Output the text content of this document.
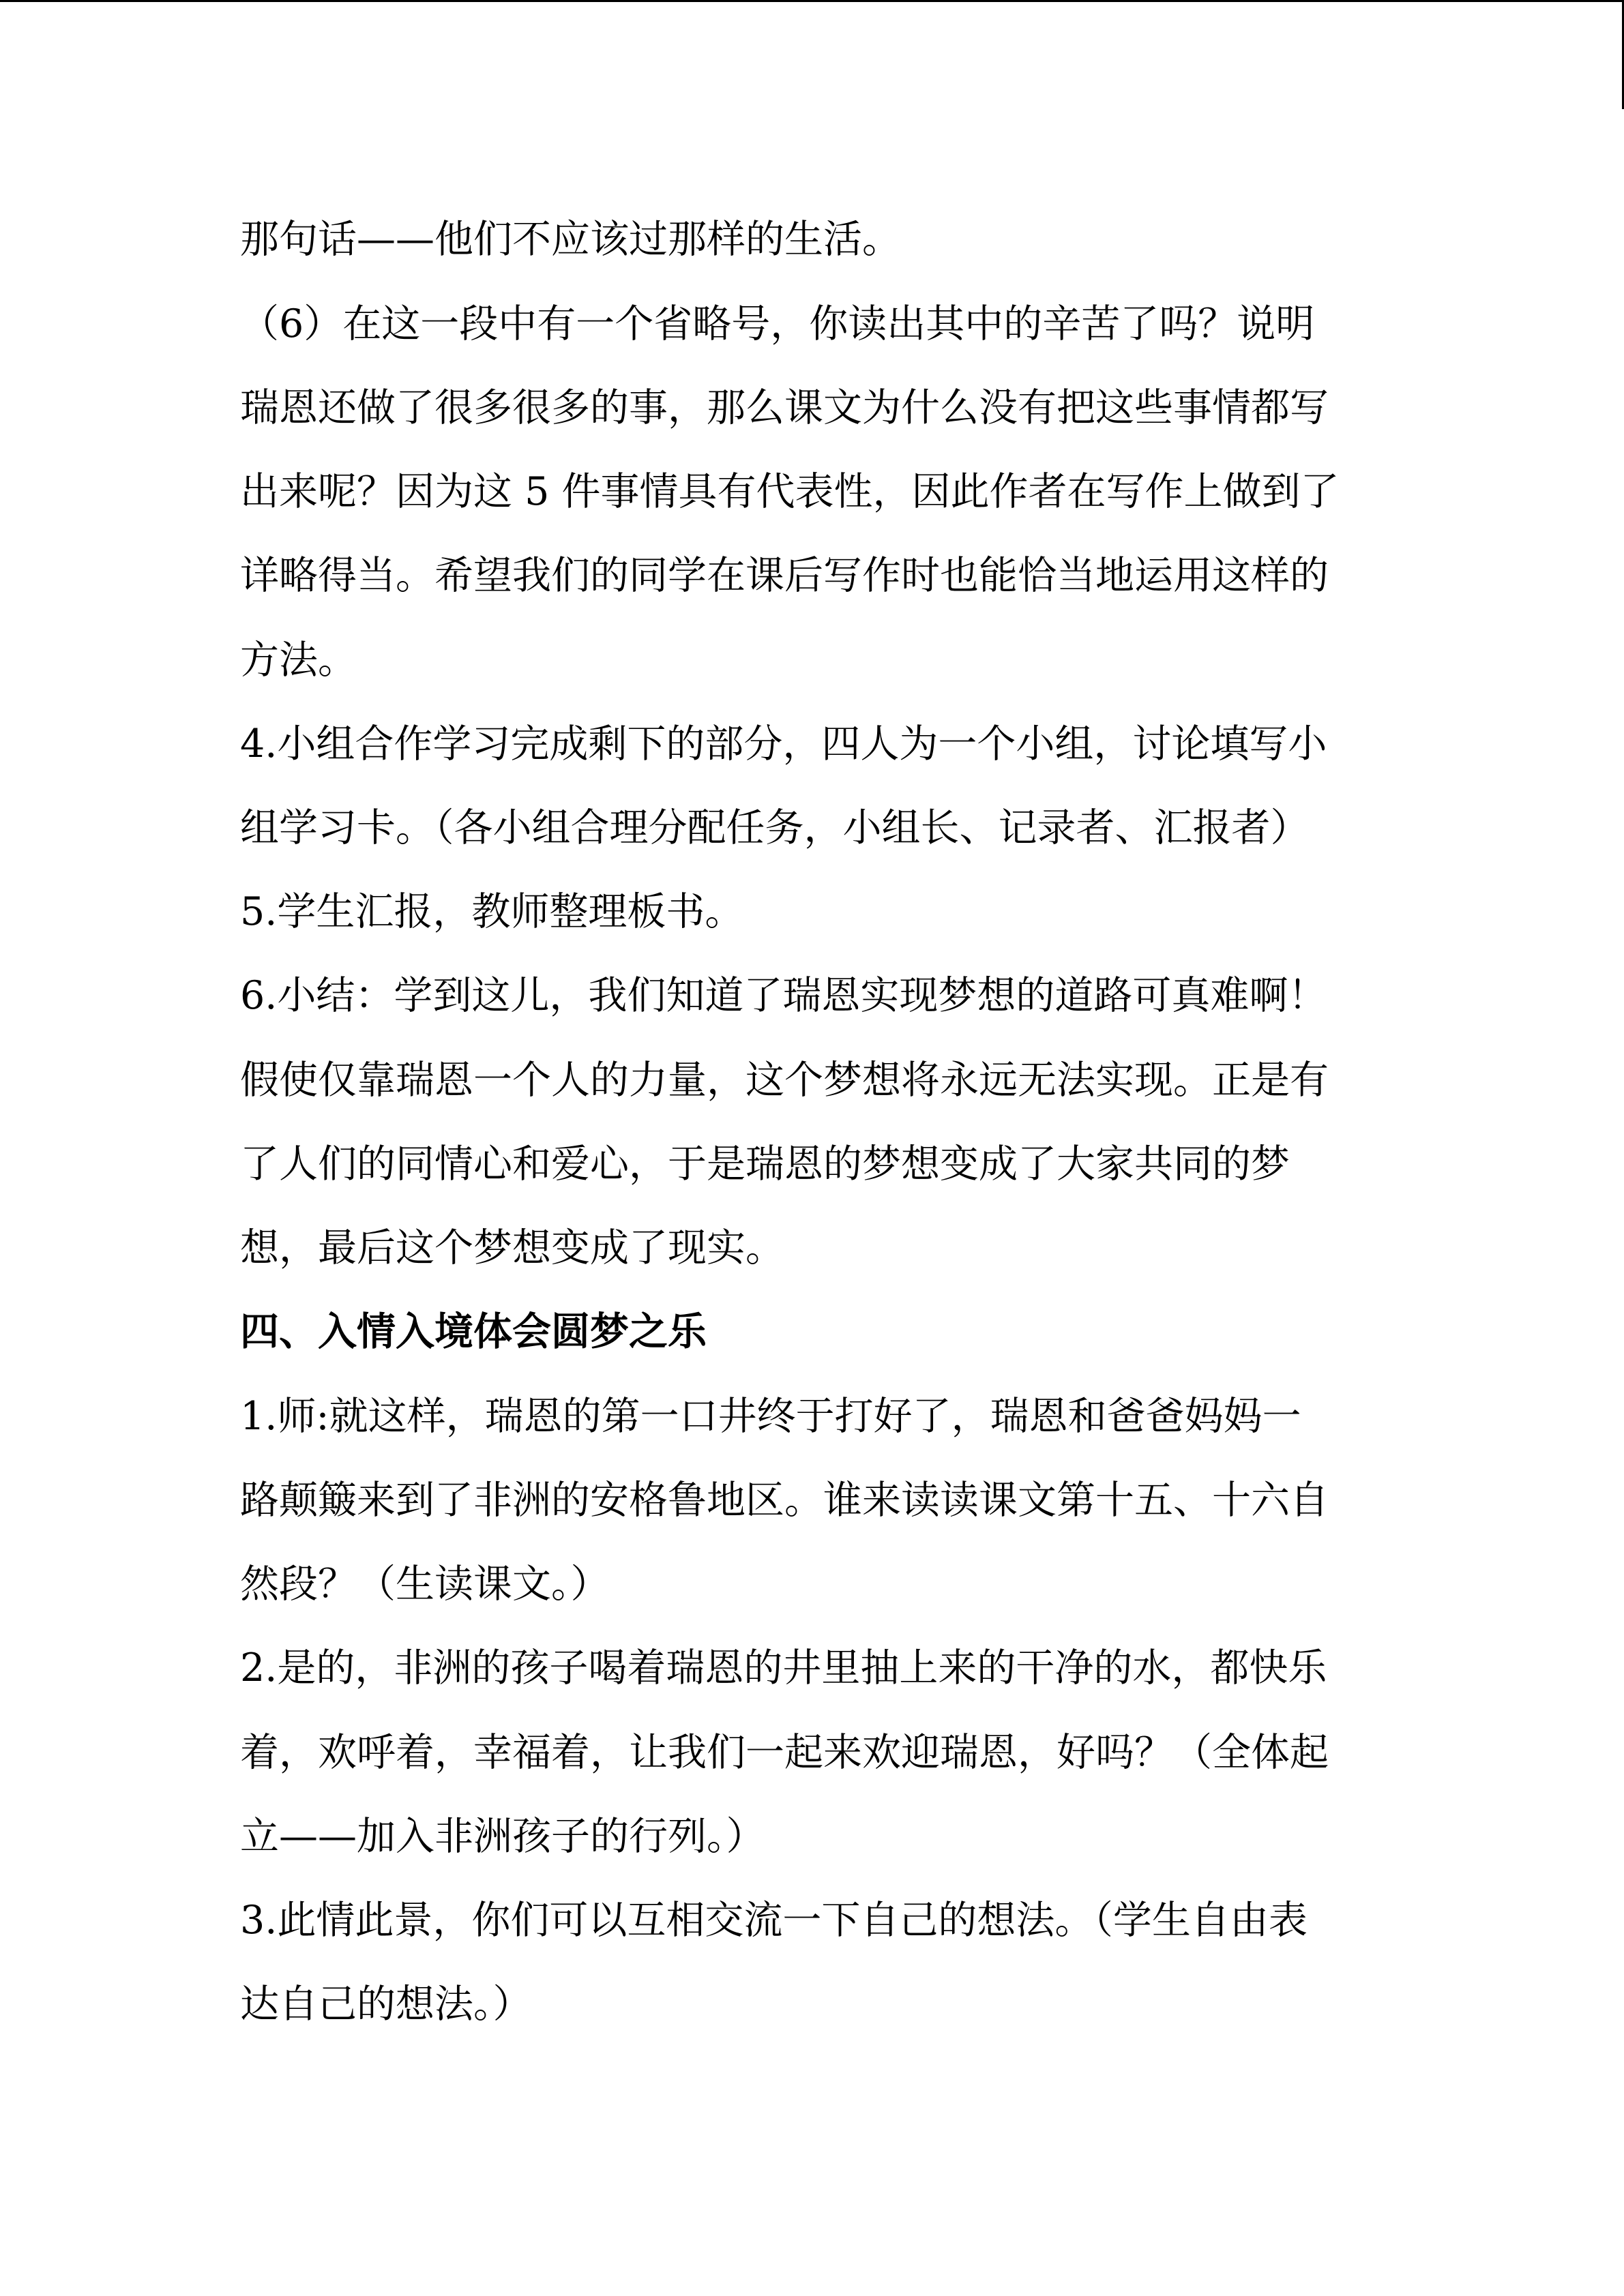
那句话——他们不应该过那样的生活。
（6）在这一段中有一个省略号，你读出其中的辛苦了吗？说明
瑞恩还做了很多很多的事，那么课文为什么没有把这些事情都写
出来呢？因为这 5 件事情具有代表性，因此作者在写作上做到了
详略得当。希望我们的同学在课后写作时也能恰当地运用这样的
方法。
4.小组合作学习完成剩下的部分，四人为一个小组，讨论填写小
组学习卡。（各小组合理分配任务，小组长、记录者、汇报者）
5.学生汇报，教师整理板书。
6.小结：学到这儿，我们知道了瑞恩实现梦想的道路可真难啊！
假使仅靠瑞恩一个人的力量，这个梦想将永远无法实现。正是有
了人们的同情心和爱心，于是瑞恩的梦想变成了大家共同的梦
想，最后这个梦想变成了现实。
四、入情入境体会圆梦之乐
1.师:就这样，瑞恩的第一口井终于打好了，瑞恩和爸爸妈妈一
路颠簸来到了非洲的安格鲁地区。谁来读读课文第十五、十六自
然段？（生读课文。）
2.是的，非洲的孩子喝着瑞恩的井里抽上来的干净的水，都快乐
着，欢呼着，幸福着，让我们一起来欢迎瑞恩，好吗？（全体起
立——加入非洲孩子的行列。）
3.此情此景，你们可以互相交流一下自己的想法。（学生自由表
达自己的想法。）
